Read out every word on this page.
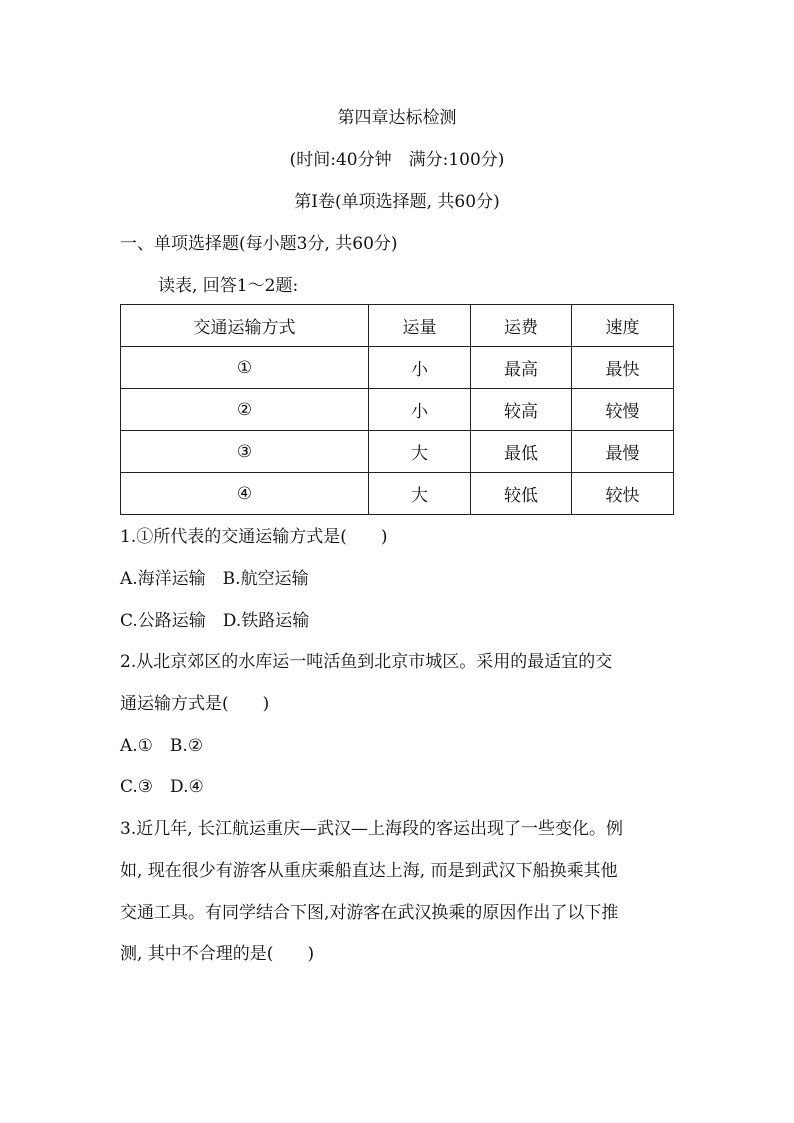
第四章达标检测
(时间:40分钟　满分:100分)
第Ⅰ卷(单项选择题, 共60分)
一、单项选择题(每小题3分, 共60分)
读表, 回答1～2题:
交通运输方式	运量	运费	速度
①	小	最高	最快
②	小	较高	较慢
③	大	最低	最慢
④	大	较低	较快
1.①所代表的交通运输方式是(　　)
A.海洋运输　B.航空运输
C.公路运输　D.铁路运输
2.从北京郊区的水库运一吨活鱼到北京市城区。采用的最适宜的交
通运输方式是(　　)
A.①　B.②
C.③　D.④
3.近几年, 长江航运重庆—武汉—上海段的客运出现了一些变化。例
如, 现在很少有游客从重庆乘船直达上海, 而是到武汉下船换乘其他
交通工具。有同学结合下图,对游客在武汉换乘的原因作出了以下推
测, 其中不合理的是(　　)
